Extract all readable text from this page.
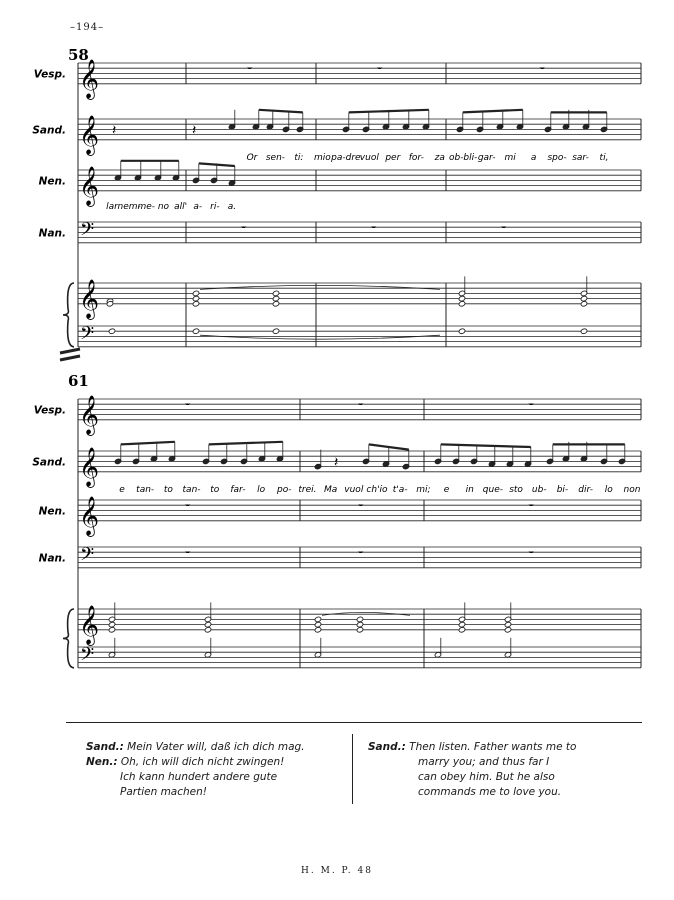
58
Vesp. 𝄞
Sand. 𝄞
Nen. 𝄞
Nan. 𝄢
𝄞
𝄢
𝄻	𝄻	𝄻
𝄻	𝄻	𝄻
𝄽	𝄽
Or sen- ti: mio pa-dre vuol per for- za ob-bli- gar- mi a spo- sar- ti,
lar nem-
me- no all' a- ri- a.
61
Vesp. 𝄞
Sand. 𝄞
Nen. 𝄞
Nan. 𝄢
𝄞
𝄢
𝄻
𝄻
𝄻
𝄻
𝄻
𝄻
𝄻
𝄻
𝄻
𝄽
e tan- to tan- to far- lo po- trei. Ma vuol ch'io t'a- mi; e in que- sto ub- bi- dir- lo non
–194–
Sand.: Mein Vater will, daß ich dich mag.
Nen.: Oh, ich will dich nicht zwingen!
Ich kann hundert andere gute
Partien machen!
Sand.: Then listen. Father wants me to
marry you; and thus far I
can obey him. But he also
commands me to love you.
H. M. P. 48
